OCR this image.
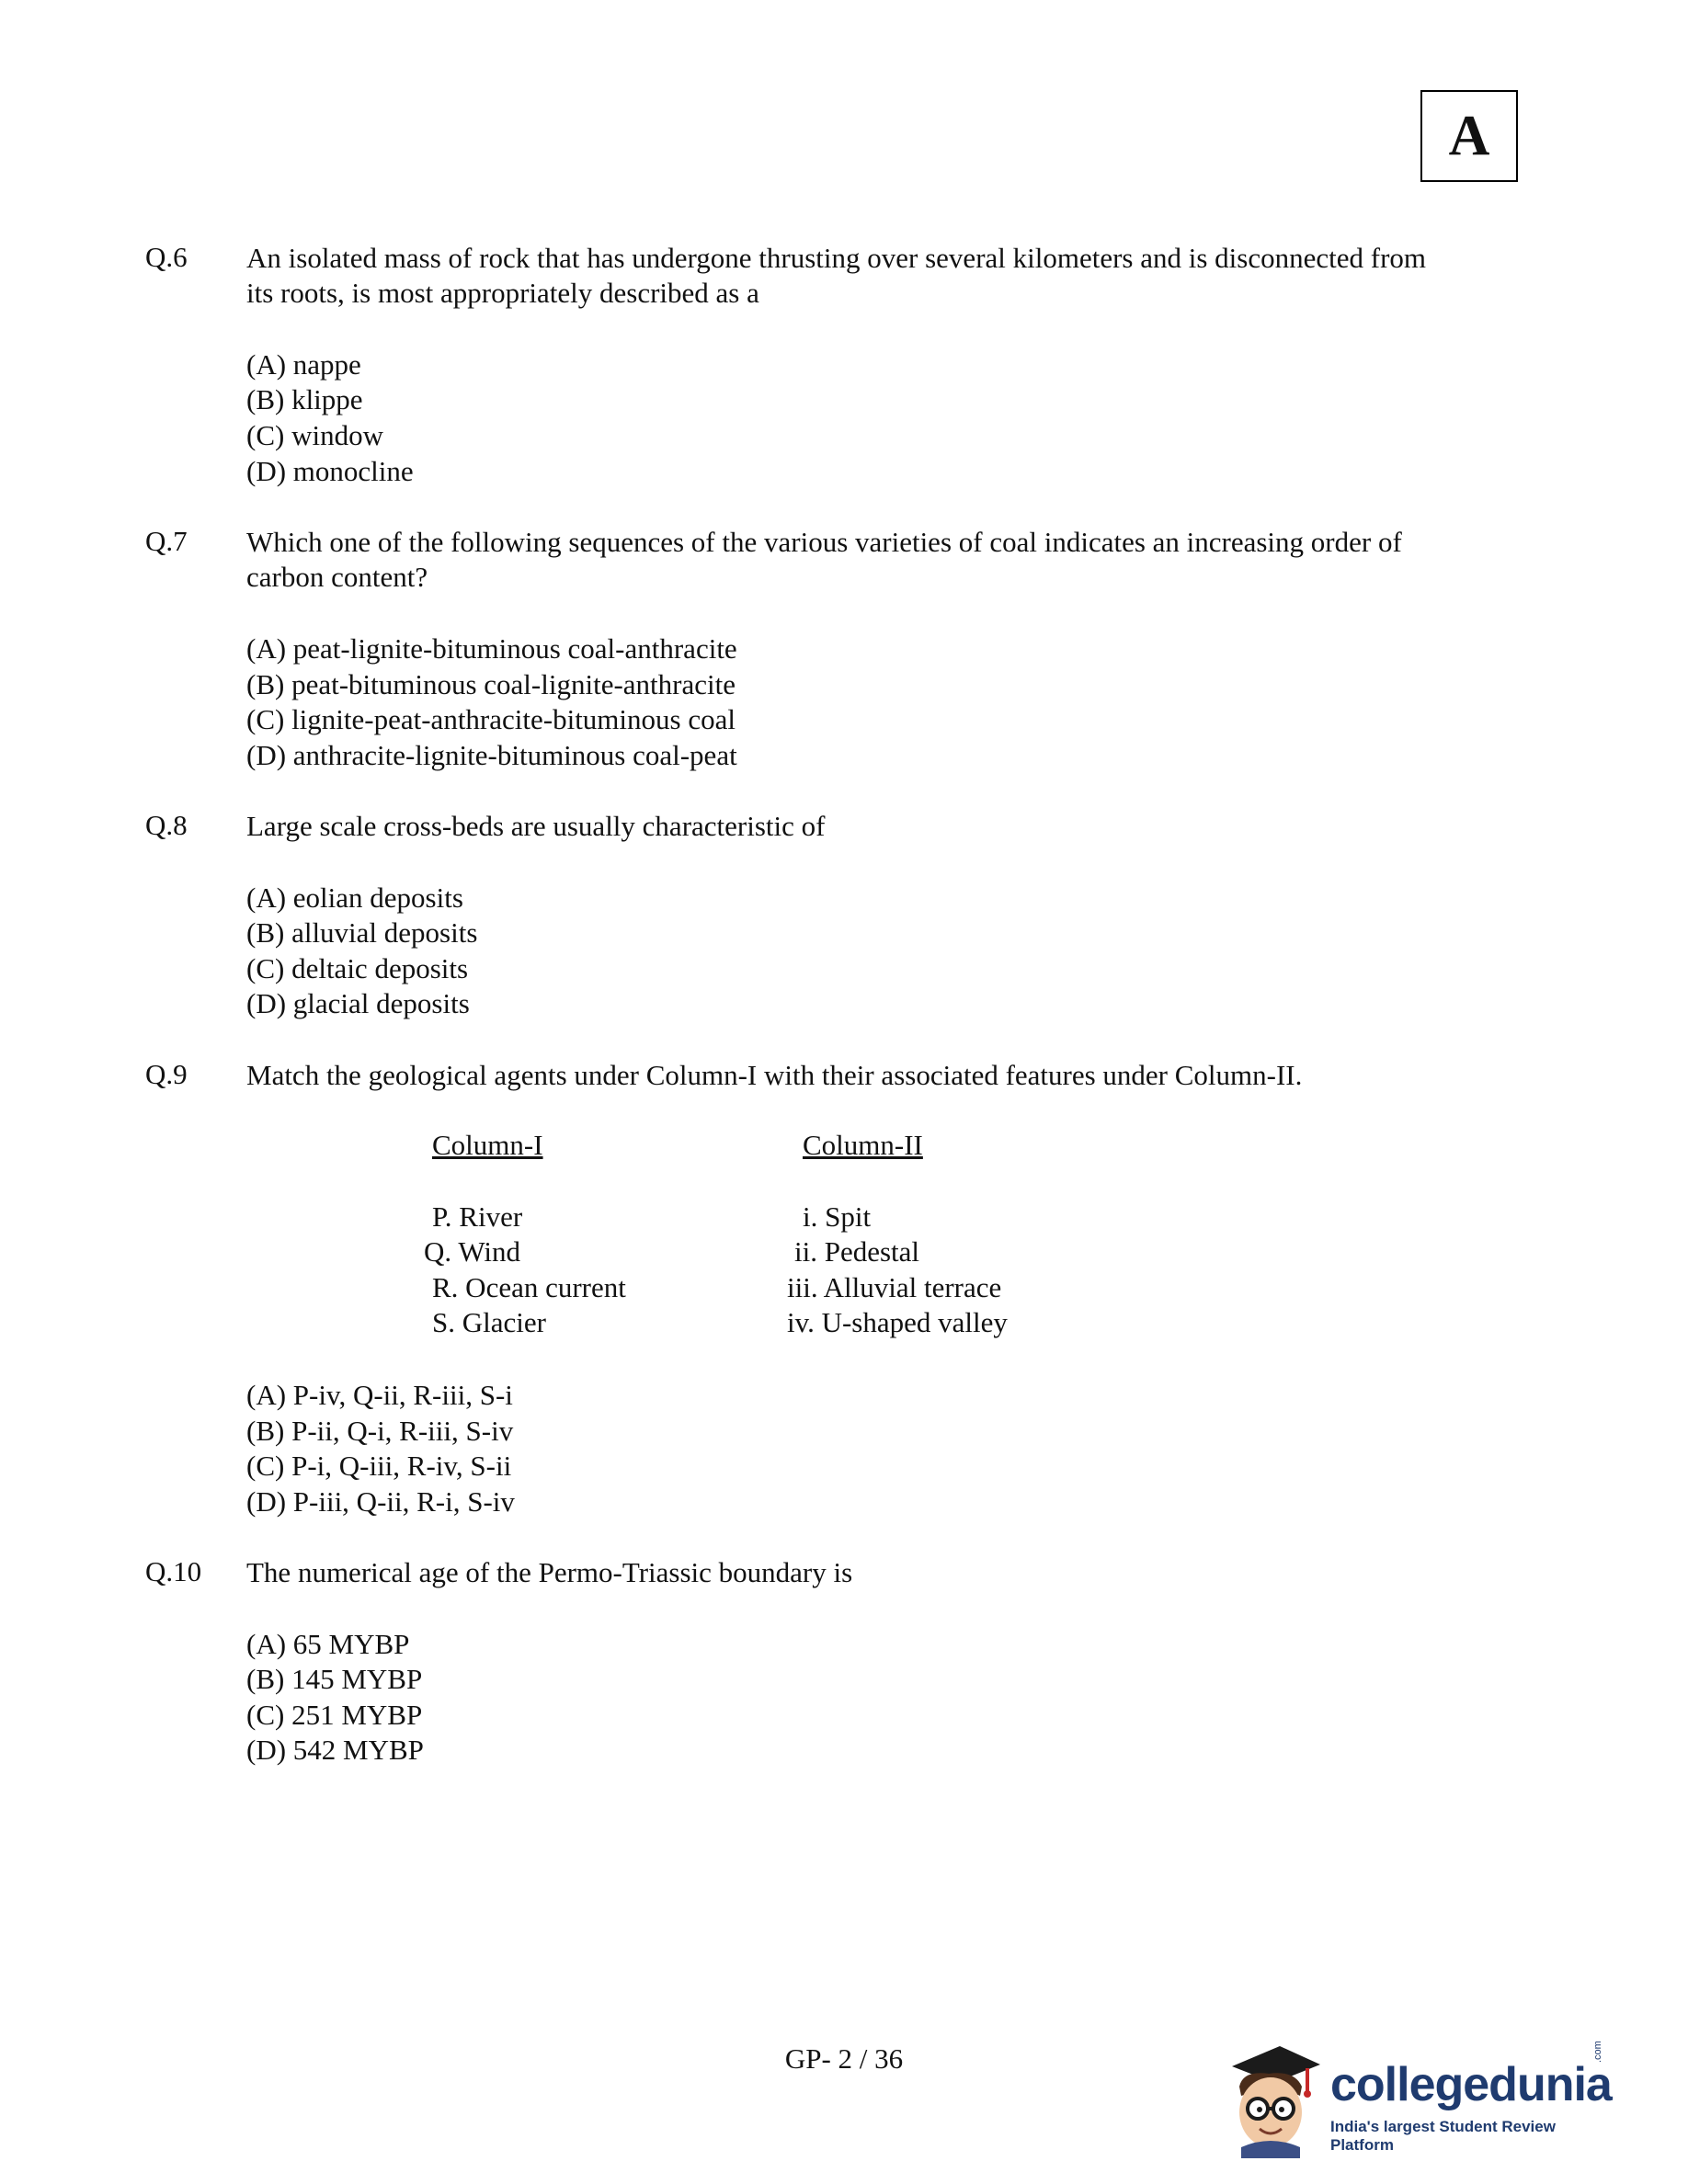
A
Q.6 An isolated mass of rock that has undergone thrusting over several kilometers and is disconnected from its roots, is most appropriately described as a
(A) nappe
(B) klippe
(C) window
(D) monocline
Q.7 Which one of the following sequences of the various varieties of coal indicates an increasing order of carbon content?
(A) peat-lignite-bituminous coal-anthracite
(B) peat-bituminous coal-lignite-anthracite
(C) lignite-peat-anthracite-bituminous coal
(D) anthracite-lignite-bituminous coal-peat
Q.8 Large scale cross-beds are usually characteristic of
(A) eolian deposits
(B) alluvial deposits
(C) deltaic deposits
(D) glacial deposits
Q.9 Match the geological agents under Column-I with their associated features under Column-II.
Column-I	Column-II
P. River
Q. Wind
R. Ocean current
S. Glacier
i. Spit
ii. Pedestal
iii. Alluvial terrace
iv. U-shaped valley
(A) P-iv, Q-ii, R-iii, S-i
(B) P-ii, Q-i, R-iii, S-iv
(C) P-i, Q-iii, R-iv, S-ii
(D) P-iii, Q-ii, R-i, S-iv
Q.10 The numerical age of the Permo-Triassic boundary is
(A) 65 MYBP
(B) 145 MYBP
(C) 251 MYBP
(D) 542 MYBP
GP- 2 / 36	collegedunia
.com
India's largest Student Review Platform
